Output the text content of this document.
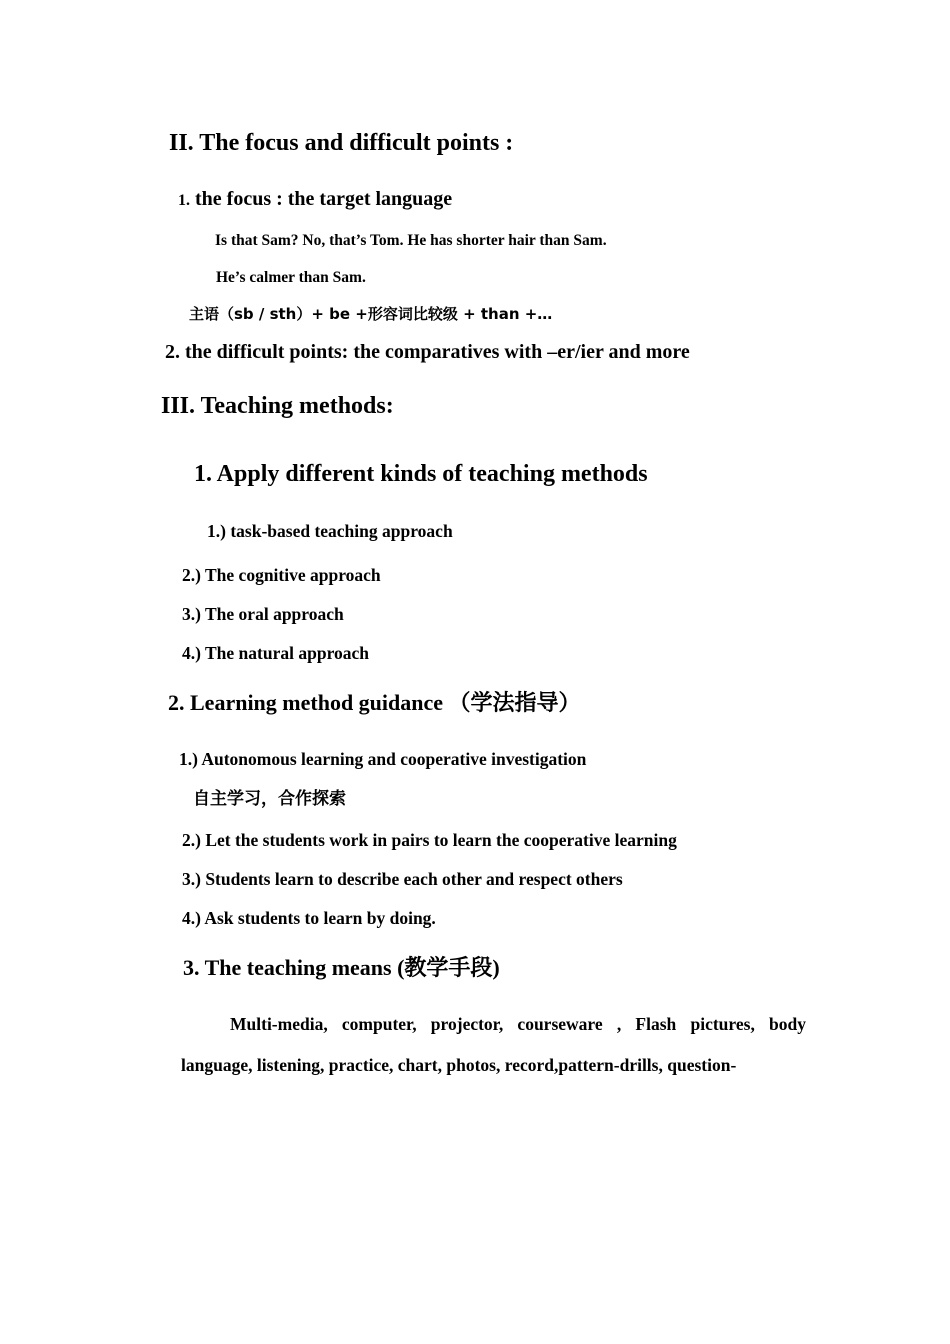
II. The focus and difficult points :
1. the focus : the target language
Is that Sam? No, that’s Tom. He has shorter hair than Sam.
He’s calmer than Sam.
主语（sb / sth）+ be +形容词比较级 + than +…
2. the difficult points: the comparatives with –er/ier and more
III. Teaching methods:
1. Apply different kinds of teaching methods
1.) task-based teaching approach
2.) The cognitive approach
3.) The oral approach
4.) The natural approach
2. Learning method guidance （学法指导）
1.) Autonomous learning and cooperative investigation
自主学习，合作探索
2.) Let the students work in pairs to learn the cooperative learning
3.) Students learn to describe each other and respect others
4.) Ask students to learn by doing.
3. The teaching means (教学手段)
Multi-media, computer, projector, courseware , Flash pictures, body language, listening, practice, chart, photos, record,pattern-drills, question-
